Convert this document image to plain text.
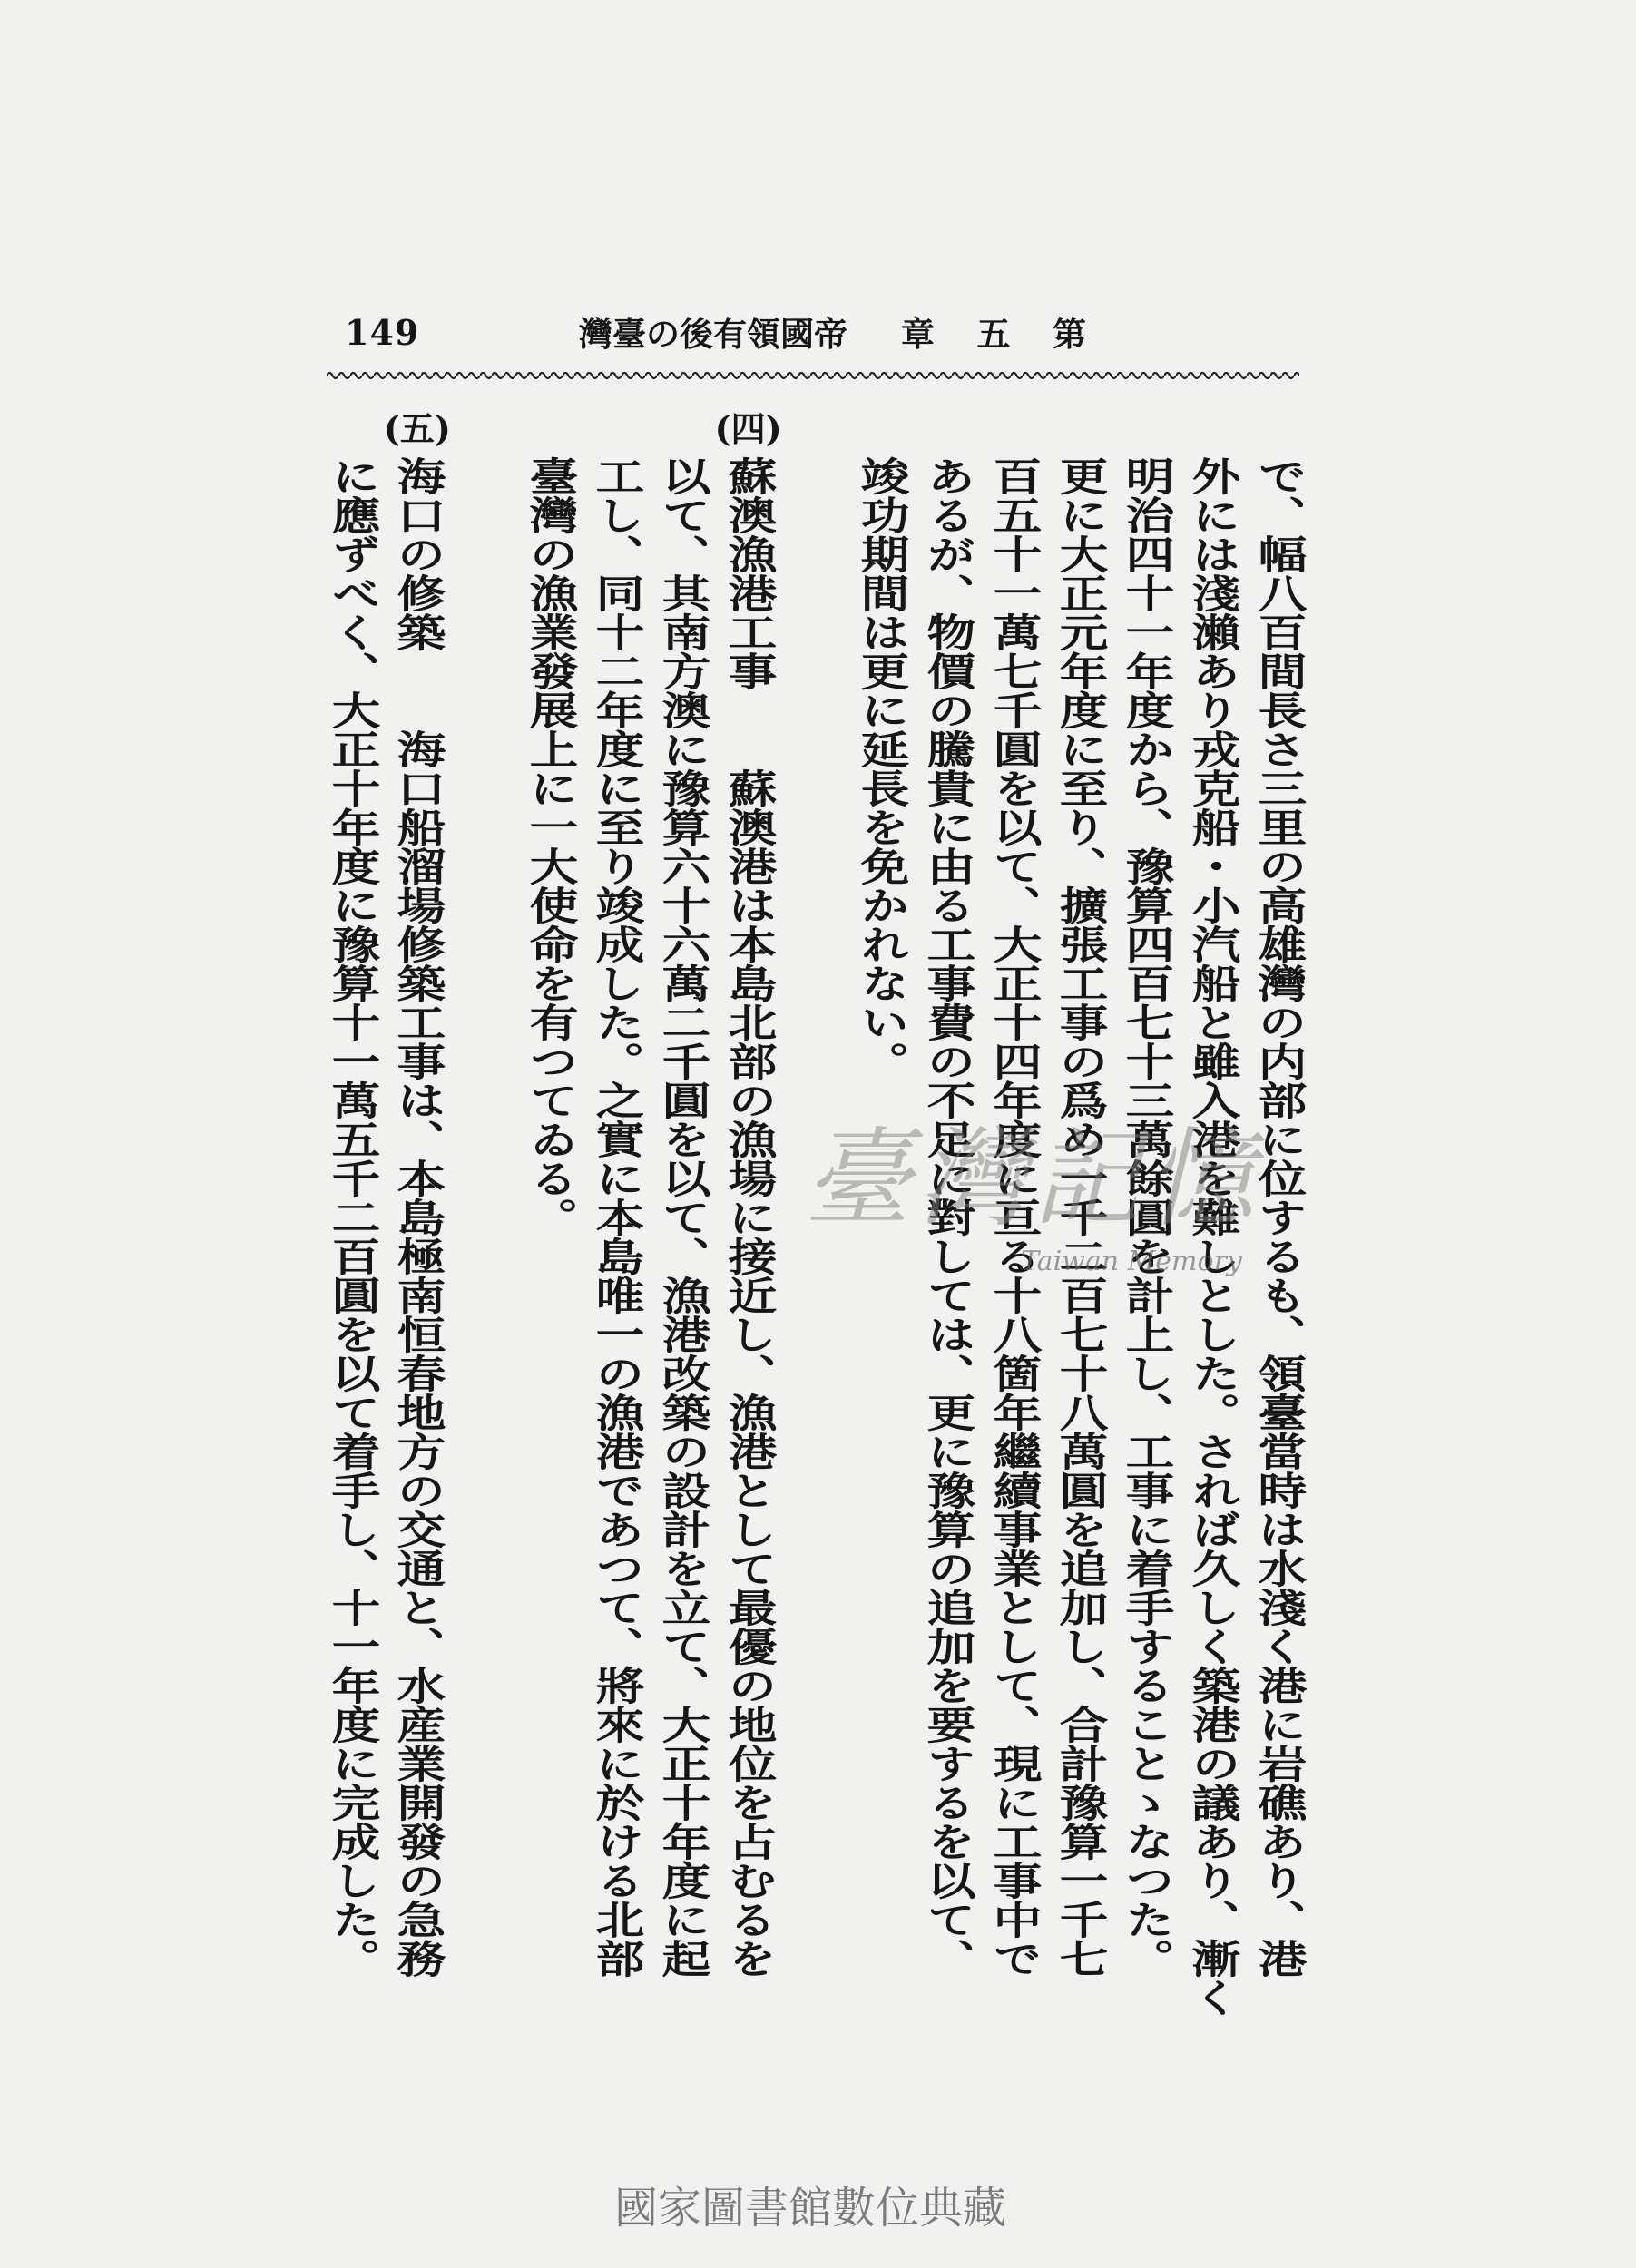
149	帝國領有後の臺灣 第五章
で、幅八百間長さ三里の高雄灣の内部に位するも、領臺當時は水淺く港に岩礁あり、港
外には淺瀨あり戎克船・小汽船と雖入港を難しとした。されば久しく築港の議あり、漸く
明治四十一年度から、豫算四百七十三萬餘圓を計上し、工事に着手することゝなつた。
更に大正元年度に至り、擴張工事の爲め一千二百七十八萬圓を追加し、合計豫算一千七
百五十一萬七千圓を以て、大正十四年度に亘る十八箇年繼續事業として、現に工事中で
あるが、物價の騰貴に由る工事費の不足に對しては、更に豫算の追加を要するを以て、
竣功期間は更に延長を免かれない。
(四)
蘇澳漁港工事　　蘇澳港は本島北部の漁場に接近し、漁港として最優の地位を占むるを
以て、其南方澳に豫算六十六萬二千圓を以て、漁港改築の設計を立て、大正十年度に起
工し、同十二年度に至り竣成した。之實に本島唯一の漁港であつて、將來に於ける北部
臺灣の漁業發展上に一大使命を有つてゐる。
(五)
海口の修築　　海口船溜場修築工事は、本島極南恒春地方の交通と、水産業開發の急務
に應ずべく、大正十年度に豫算十一萬五千二百圓を以て着手し、十一年度に完成した。	臺灣記憶
Taiwan Memory
國家圖書館數位典藏
